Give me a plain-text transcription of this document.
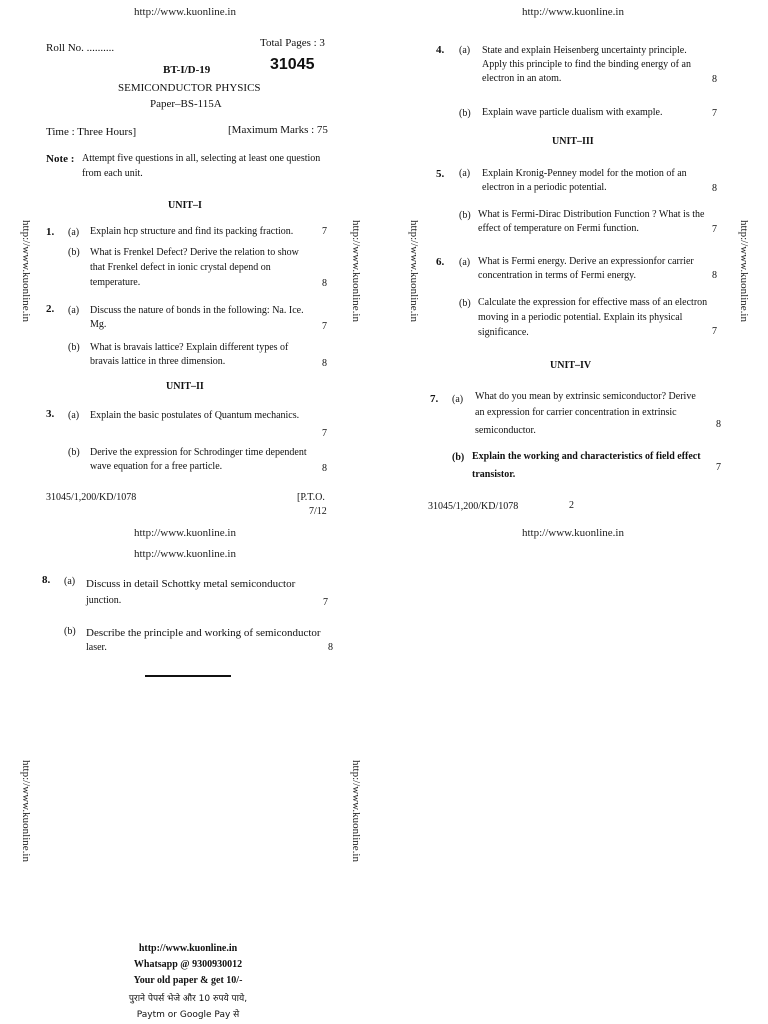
http://www.kuonline.in	http://www.kuonline.in
http://www.kuonline.in	http://www.kuonline.in	http://www.kuonline.in	http://www.kuonline.in
http://www.kuonline.in	http://www.kuonline.in
Roll No. ..........	Total Pages : 3
BT-I/D-19	31045
SEMICONDUCTOR PHYSICS
Paper–BS-115A
Time : Three Hours]	[Maximum Marks : 75
Note : Attempt five questions in all, selecting at least one question
from each unit.
UNIT–I
1. (a) Explain hcp structure and find its packing fraction.	7
(b) What is Frenkel Defect? Derive the relation to show
that Frenkel defect in ionic crystal depend on
temperature.	8
2. (a) Discuss the nature of bonds in the following: Na. Ice.
Mg.	7
(b) What is bravais lattice? Explain different types of
bravais lattice in three dimension.	8
UNIT–II
3. (a) Explain the basic postulates of Quantum mechanics.
7
(b) Derive the expression for Schrodinger time dependent
wave equation for a free particle.	8
31045/1,200/KD/1078	[P.T.O.
7/12
4. (a) State and explain Heisenberg uncertainty principle.
Apply this principle to find the binding energy of an
electron in an atom.	8
(b) Explain wave particle dualism with example.	7
UNIT–III
5. (a) Explain Kronig-Penney model for the motion of an
electron in a periodic potential.	8
(b) What is Fermi-Dirac Distribution Function ? What is the
effect of temperature on Fermi function.	7
6. (a) What is Fermi energy. Derive an expressionfor carrier
concentration in terms of Fermi energy.	8
(b) Calculate the expression for effective mass of an electron
moving in a periodic potential. Explain its physical
significance.	7
UNIT–IV
7. (a) What do you mean by extrinsic semiconductor? Derive
an expression for carrier concentration in extrinsic
semiconductor.
8
(b) Explain the working and characteristics of field effect
transistor.
7
31045/1,200/KD/1078	2
http://www.kuonline.in	http://www.kuonline.in
http://www.kuonline.in
8. (a) Discuss in detail Schottky metal semiconductor
junction.	7
(b) Describe the principle and working of semiconductor
laser.	8
http://www.kuonline.in
Whatsapp @ 9300930012
Your old paper & get 10/-
पुराने पेपर्स भेजे और 10 रुपये पाये,
Paytm or Google Pay से
